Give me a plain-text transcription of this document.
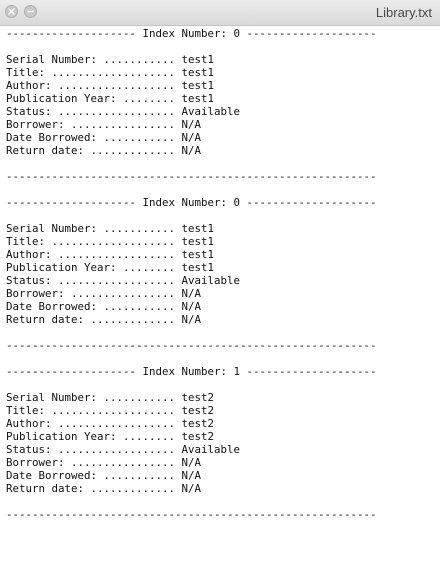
Library.txt
-------------------- Index Number: 0 --------------------

Serial Number: ........... test1
Title: ................... test1
Author: .................. test1
Publication Year: ........ test1
Status: .................. Available
Borrower: ................ N/A
Date Borrowed: ........... N/A
Return date: ............. N/A

---------------------------------------------------------

-------------------- Index Number: 0 --------------------

Serial Number: ........... test1
Title: ................... test1
Author: .................. test1
Publication Year: ........ test1
Status: .................. Available
Borrower: ................ N/A
Date Borrowed: ........... N/A
Return date: ............. N/A

---------------------------------------------------------

-------------------- Index Number: 1 --------------------

Serial Number: ........... test2
Title: ................... test2
Author: .................. test2
Publication Year: ........ test2
Status: .................. Available
Borrower: ................ N/A
Date Borrowed: ........... N/A
Return date: ............. N/A

---------------------------------------------------------
